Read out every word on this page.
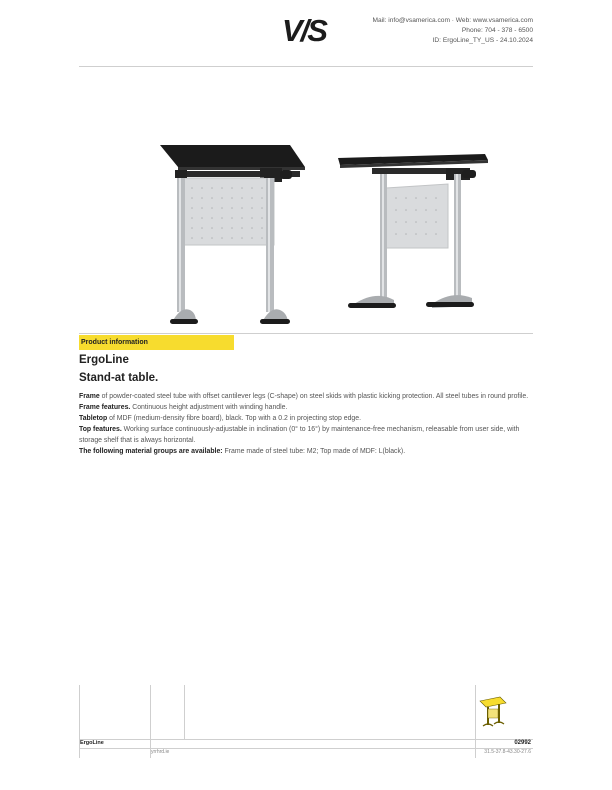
V/S	Mail: info@vsamerica.com · Web: www.vsamerica.com
Phone: 704 - 378 - 6500
ID: ErgoLine_TY_US - 24.10.2024
Product information
ErgoLine
Stand-at table.

Frame of powder-coated steel tube with offset cantilever legs (C-shape) on steel skids with plastic kicking protection. All steel tubes in round profile.

Frame features. Continuous height adjustment with winding handle.

Tabletop of MDF (medium-density fibre board), black. Top with a 0.2 in projecting stop edge.

Top features. Working surface continuously-adjustable in inclination (0° to 16°) by maintenance-free mechanism, releasable from user side, with storage shelf that is always horizontal.

The following material groups are available: Frame made of steel tube: M2; Top made of MDF: L(black).

ErgoLine
yrrhrd.ie
02992
31.5-37.8-43.30-27.6
